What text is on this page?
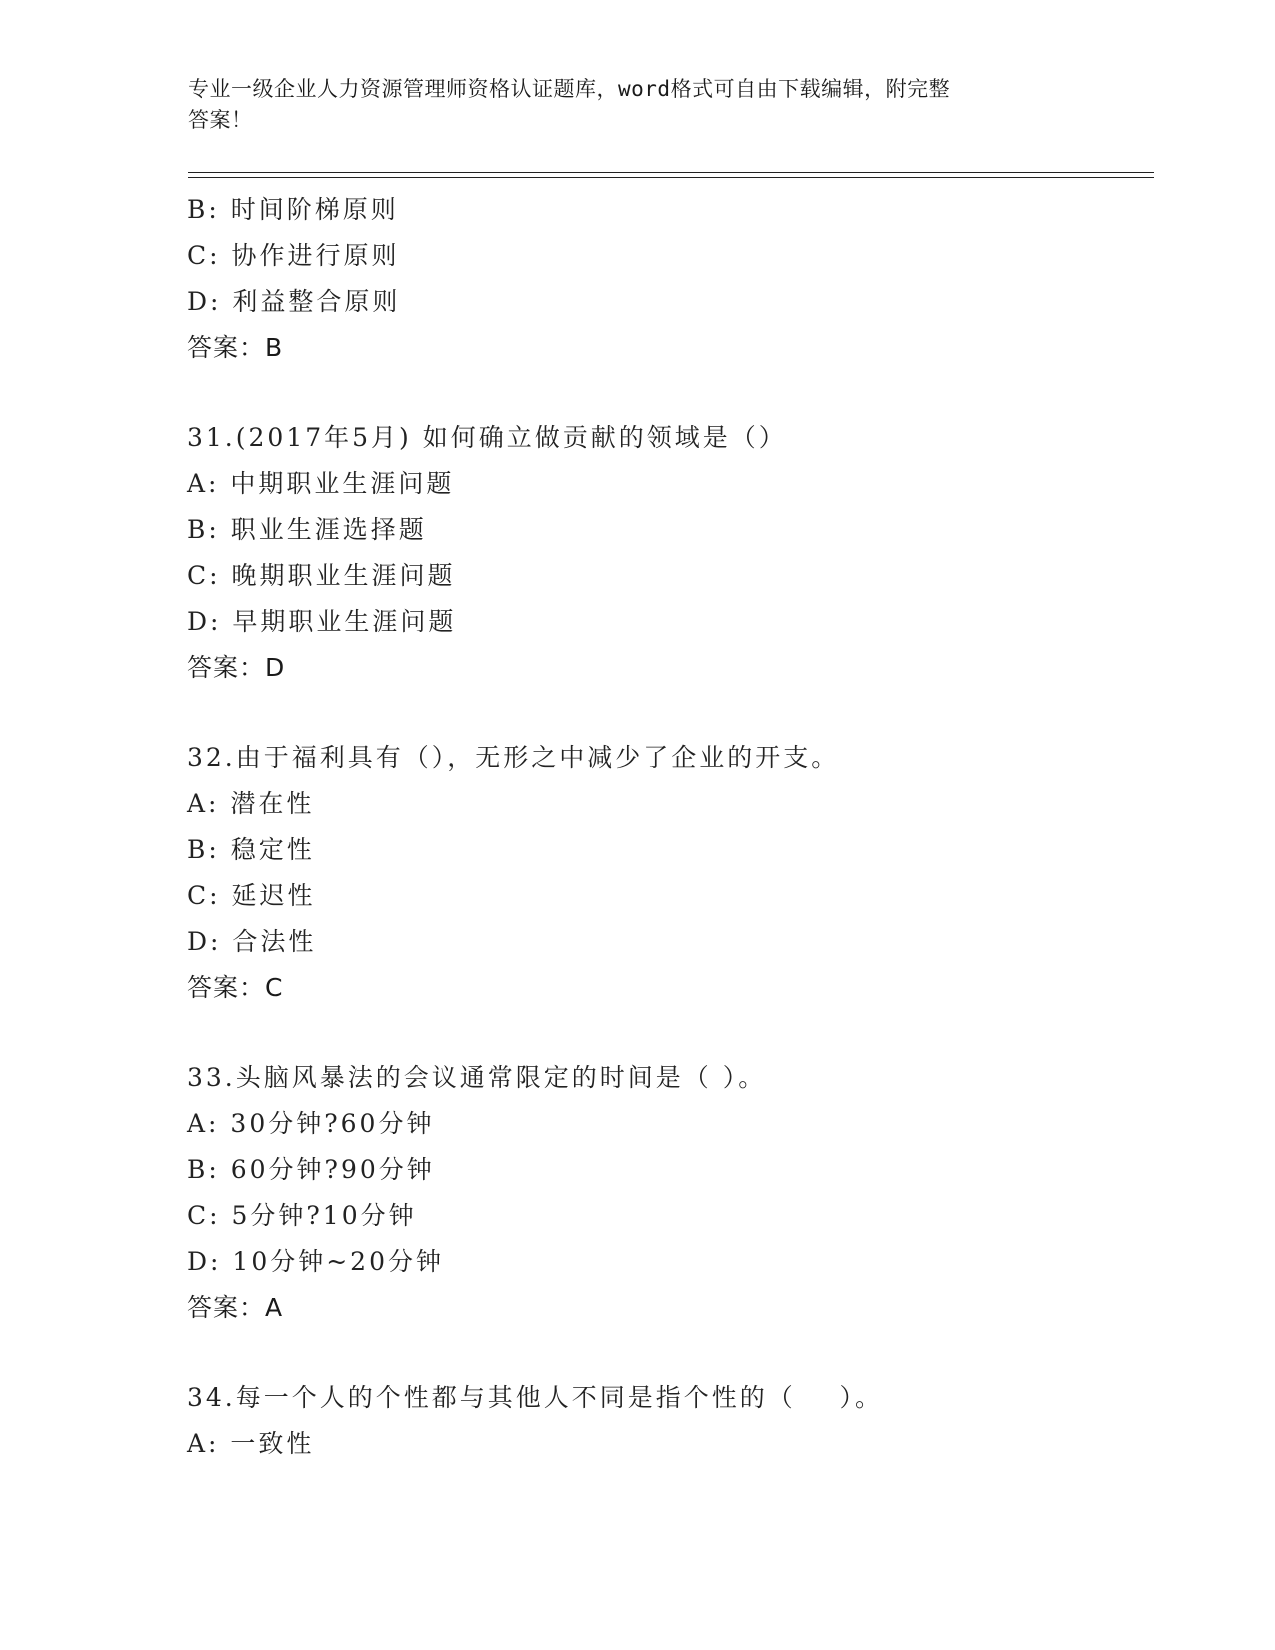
专业一级企业人力资源管理师资格认证题库，word格式可自由下载编辑，附完整
答案！
B: 时间阶梯原则
C: 协作进行原则
D: 利益整合原则
答案：B
31.(2017年5月) 如何确立做贡献的领域是（）
A: 中期职业生涯问题
B: 职业生涯选择题
C: 晚期职业生涯问题
D: 早期职业生涯问题
答案：D
32.由于福利具有（），无形之中减少了企业的开支。
A: 潜在性
B: 稳定性
C: 延迟性
D: 合法性
答案：C
33.头脑风暴法的会议通常限定的时间是（ ）。
A: 30分钟?60分钟
B: 60分钟?90分钟
C: 5分钟?10分钟
D: 10分钟~20分钟
答案：A
34.每一个人的个性都与其他人不同是指个性的（    ）。
A: 一致性
